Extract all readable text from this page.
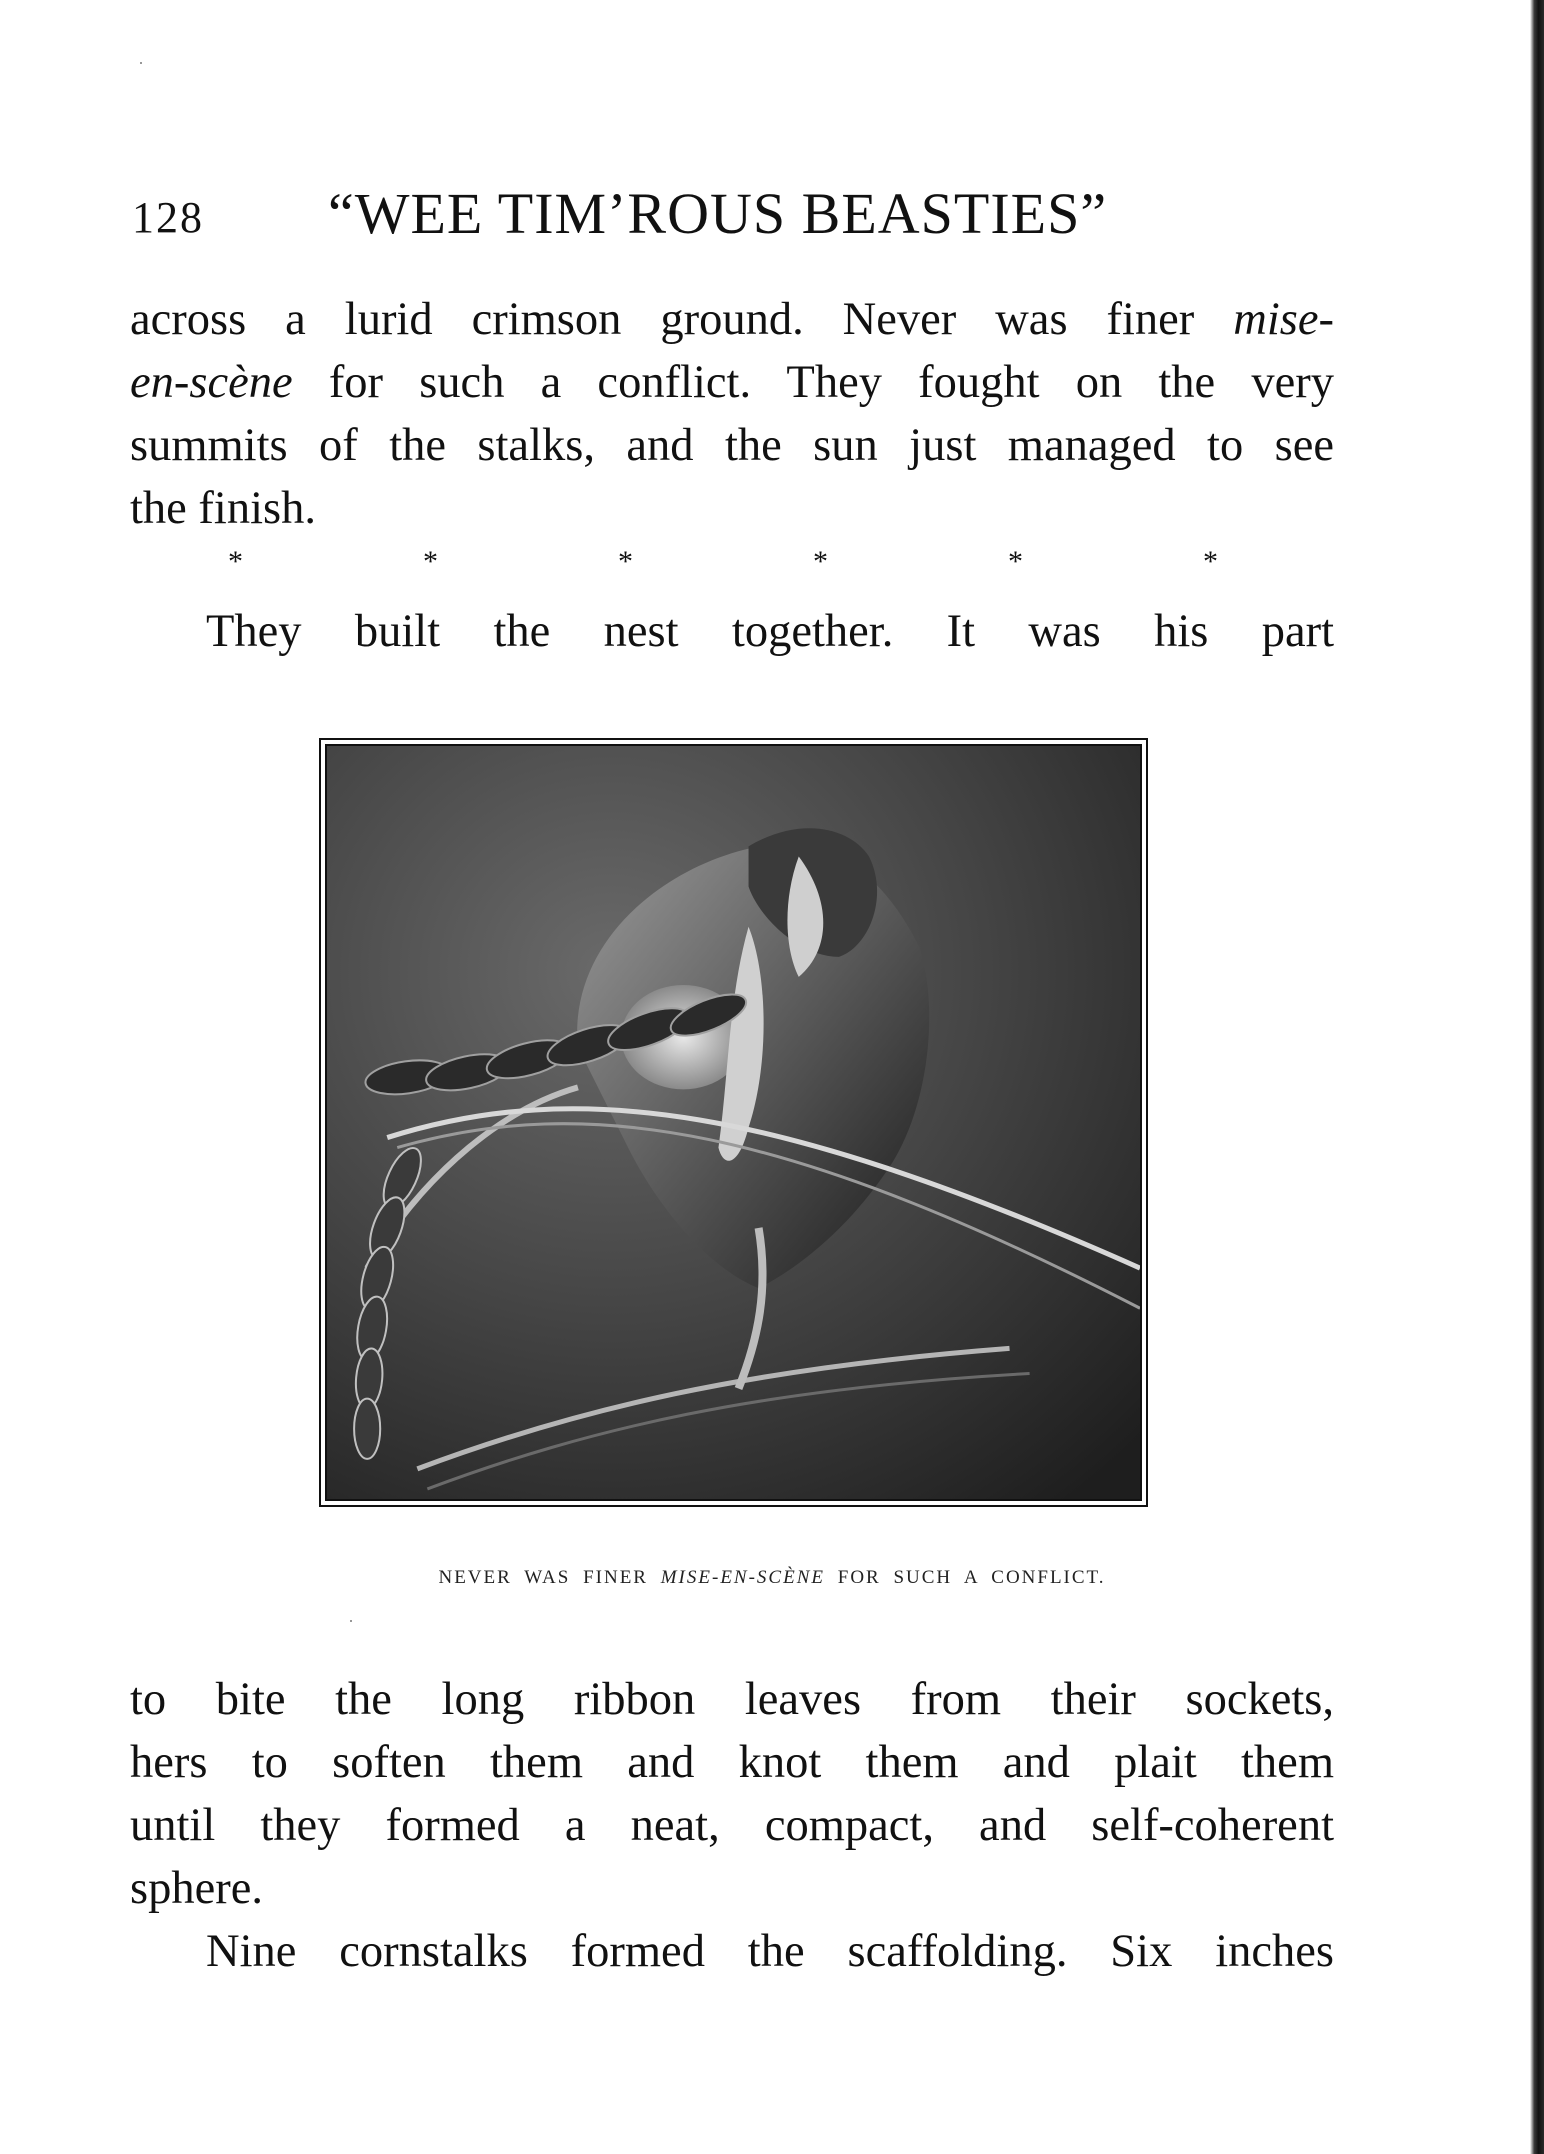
128 “WEE TIM’ROUS BEASTIES”
across a lurid crimson ground. Never was finer mise-
en-scène for such a conflict. They fought on the very
summits of the stalks, and the sun just managed to see
the finish.
*	*	*	*	*	*
They built the nest together. It was his part
NEVER WAS FINER MISE-EN-SCÈNE FOR SUCH A CONFLICT.
to bite the long ribbon leaves from their sockets,
hers to soften them and knot them and plait them
until they formed a neat, compact, and self-coherent
sphere.
Nine cornstalks formed the scaffolding. Six inches
